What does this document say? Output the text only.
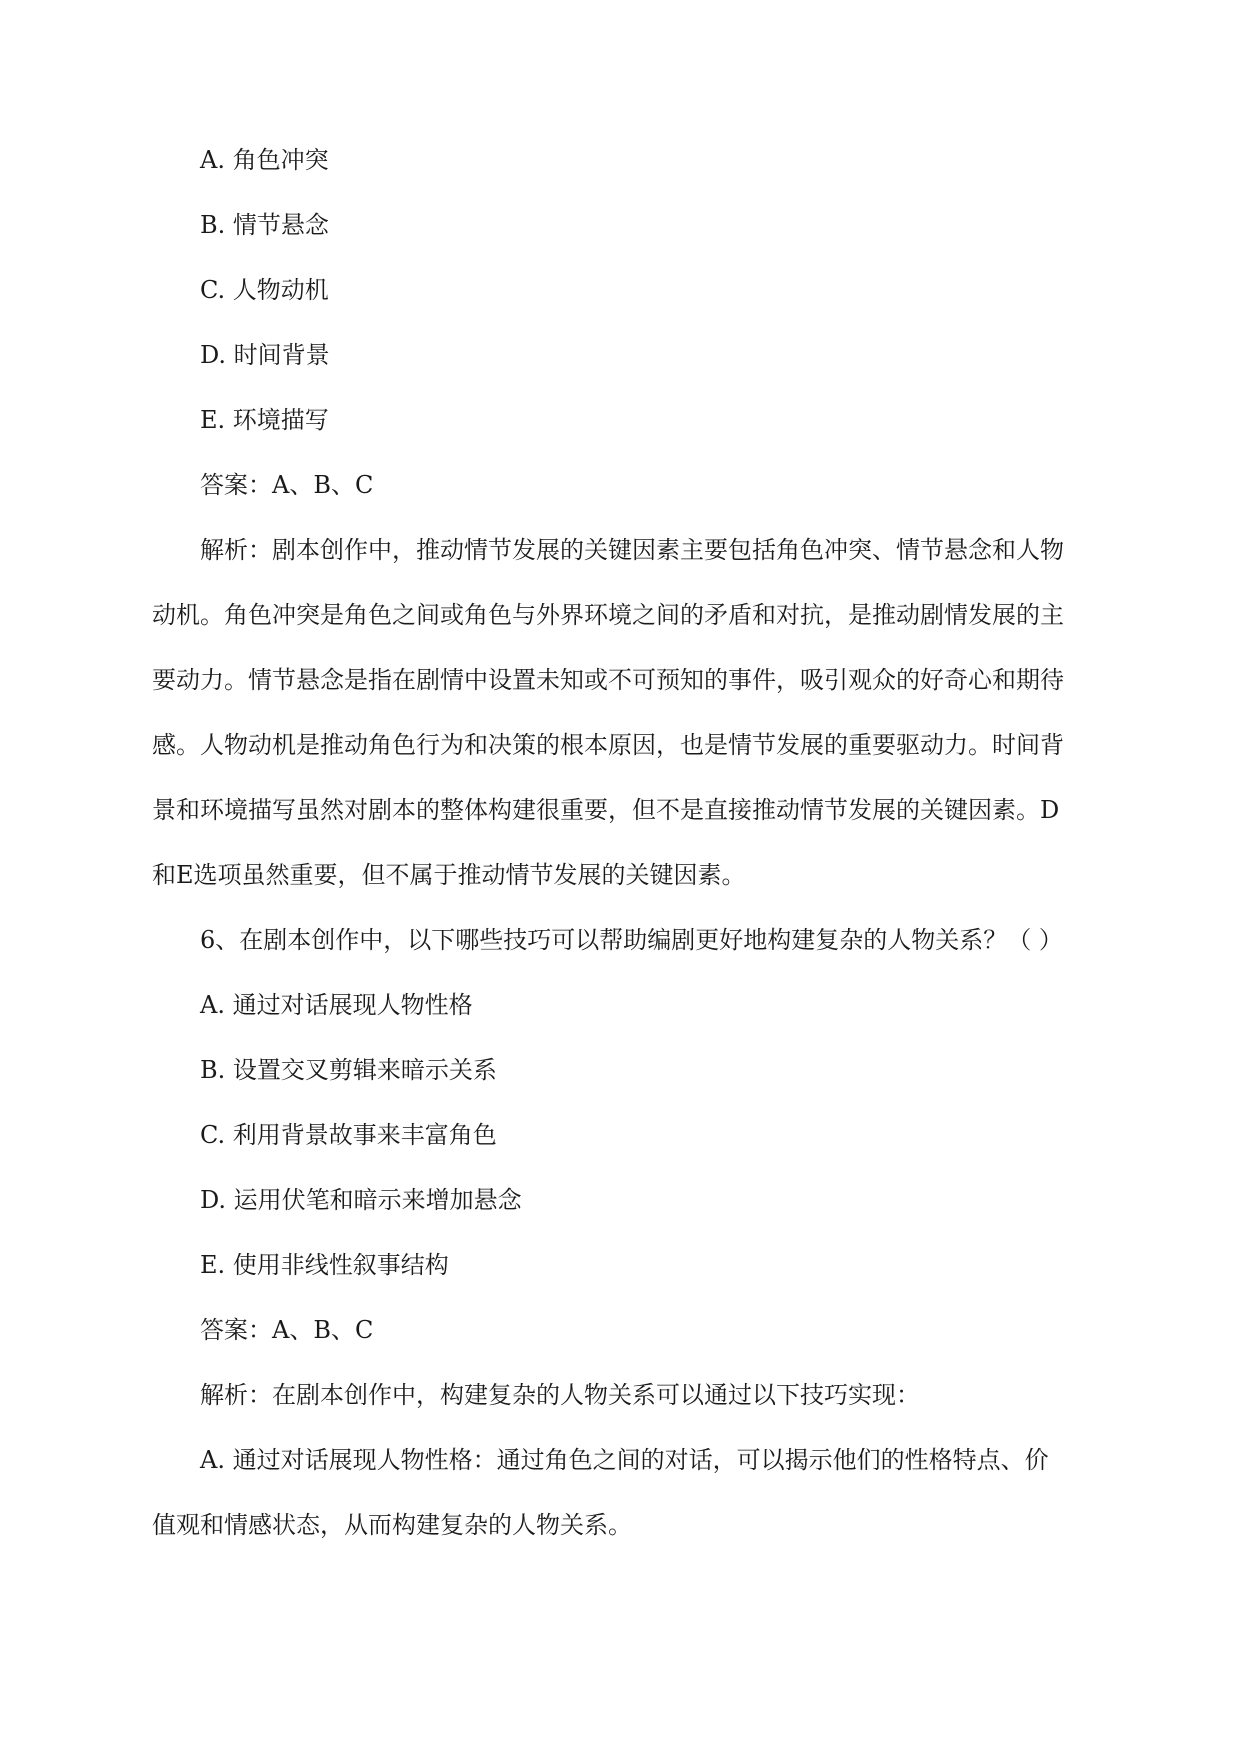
A. 角色冲突
B. 情节悬念
C. 人物动机
D. 时间背景
E. 环境描写
答案：A、B、C
解析：剧本创作中，推动情节发展的关键因素主要包括角色冲突、情节悬念和人物
动机。角色冲突是角色之间或角色与外界环境之间的矛盾和对抗，是推动剧情发展的主
要动力。情节悬念是指在剧情中设置未知或不可预知的事件，吸引观众的好奇心和期待
感。人物动机是推动角色行为和决策的根本原因，也是情节发展的重要驱动力。时间背
景和环境描写虽然对剧本的整体构建很重要，但不是直接推动情节发展的关键因素。D
和E选项虽然重要，但不属于推动情节发展的关键因素。
6、在剧本创作中，以下哪些技巧可以帮助编剧更好地构建复杂的人物关系？（ ）
A. 通过对话展现人物性格
B. 设置交叉剪辑来暗示关系
C. 利用背景故事来丰富角色
D. 运用伏笔和暗示来增加悬念
E. 使用非线性叙事结构
答案：A、B、C
解析：在剧本创作中，构建复杂的人物关系可以通过以下技巧实现：
A. 通过对话展现人物性格：通过角色之间的对话，可以揭示他们的性格特点、价
值观和情感状态，从而构建复杂的人物关系。
